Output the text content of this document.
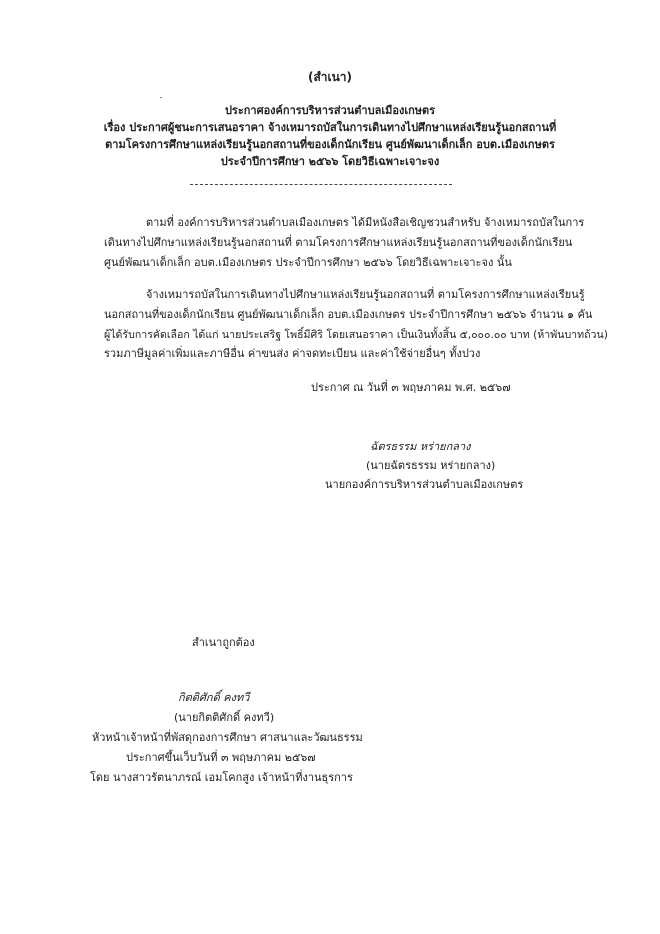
(สำเนา)
ประกาศองค์การบริหารส่วนตำบลเมืองเกษตร
เรื่อง ประกาศผู้ชนะการเสนอราคา จ้างเหมารถบัสในการเดินทางไปศึกษาแหล่งเรียนรู้นอกสถานที่
ตามโครงการศึกษาแหล่งเรียนรู้นอกสถานที่ของเด็กนักเรียน ศูนย์พัฒนาเด็กเล็ก อบต.เมืองเกษตร
ประจำปีการศึกษา ๒๕๖๖ โดยวิธีเฉพาะเจาะจง
ตามที่ องค์การบริหารส่วนตำบลเมืองเกษตร ได้มีหนังสือเชิญชวนสำหรับ จ้างเหมารถบัสในการ
เดินทางไปศึกษาแหล่งเรียนรู้นอกสถานที่ ตามโครงการศึกษาแหล่งเรียนรู้นอกสถานที่ของเด็กนักเรียน
ศูนย์พัฒนาเด็กเล็ก อบต.เมืองเกษตร ประจำปีการศึกษา ๒๕๖๖ โดยวิธีเฉพาะเจาะจง นั้น
จ้างเหมารถบัสในการเดินทางไปศึกษาแหล่งเรียนรู้นอกสถานที่ ตามโครงการศึกษาแหล่งเรียนรู้
นอกสถานที่ของเด็กนักเรียน ศูนย์พัฒนาเด็กเล็ก อบต.เมืองเกษตร ประจำปีการศึกษา ๒๕๖๖ จำนวน ๑ คัน
ผู้ได้รับการคัดเลือก ได้แก่ นายประเสริฐ โพธิ์มีศิริ โดยเสนอราคา เป็นเงินทั้งสิ้น ๕,๐๐๐.๐๐ บาท (ห้าพันบาทถ้วน)
รวมภาษีมูลค่าเพิ่มและภาษีอื่น ค่าขนส่ง ค่าจดทะเบียน และค่าใช้จ่ายอื่นๆ ทั้งปวง
ประกาศ ณ วันที่ ๓ พฤษภาคม พ.ศ. ๒๕๖๗
ฉัตรธรรม หร่ายกลาง
(นายฉัตรธรรม หร่ายกลาง)
นายกองค์การบริหารส่วนตำบลเมืองเกษตร
สำเนาถูกต้อง
กิตติศักดิ์ คงทวี
(นายกิตติศักดิ์ คงทวี)
หัวหน้าเจ้าหน้าที่พัสดุกองการศึกษา ศาสนาและวัฒนธรรม
ประกาศขึ้นเว็บวันที่ ๓ พฤษภาคม ๒๕๖๗
โดย นางสาวรัตนาภรณ์ เอมโคกสูง เจ้าหน้าที่งานธุรการ
